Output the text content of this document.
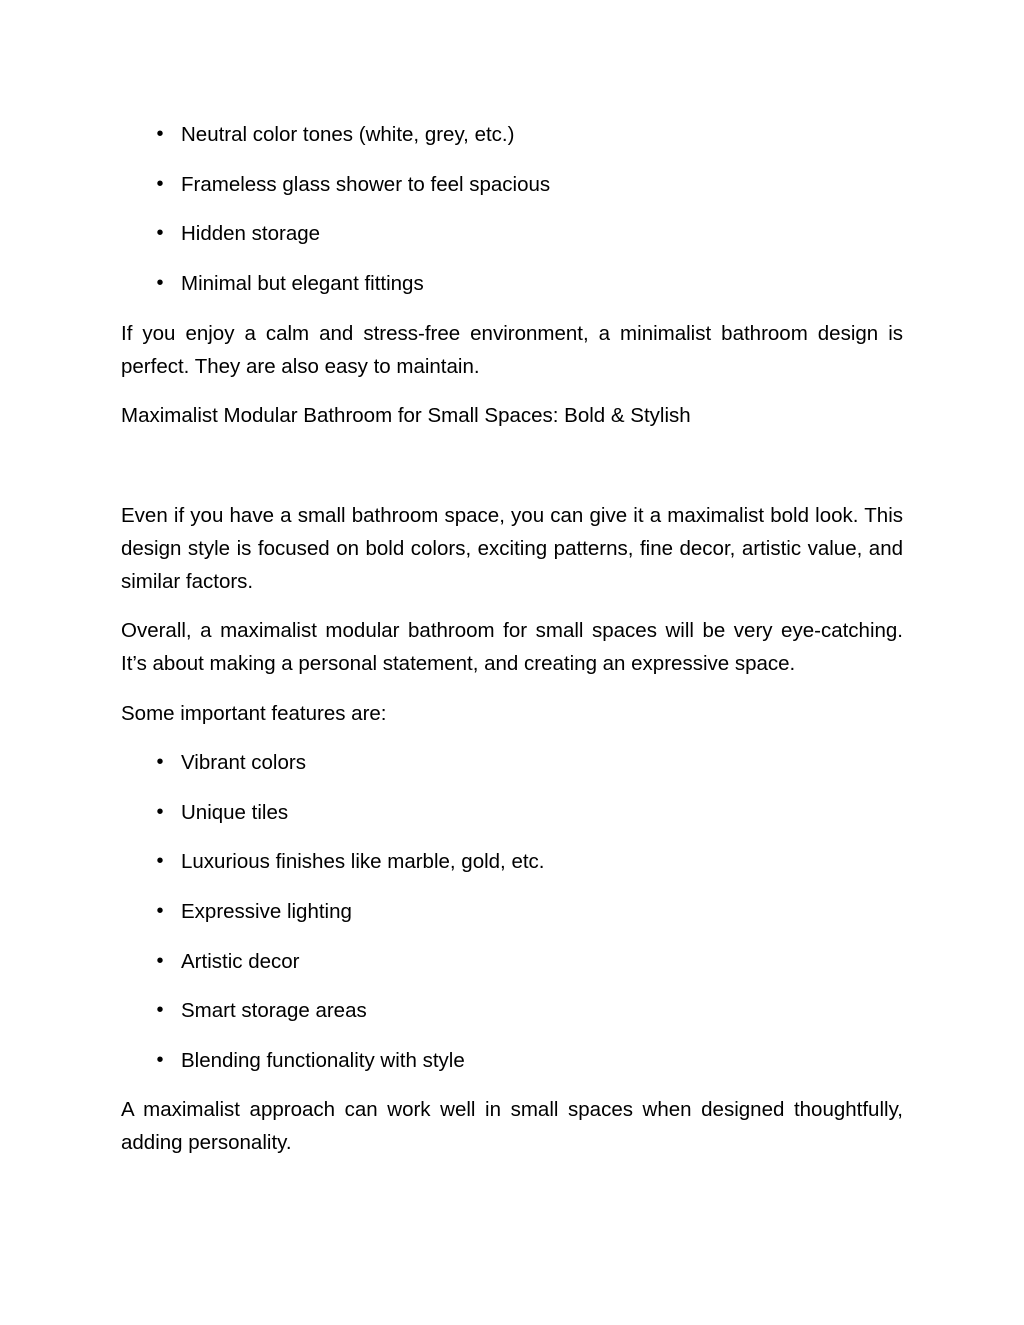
• Neutral color tones (white, grey, etc.)
• Frameless glass shower to feel spacious
• Hidden storage
• Minimal but elegant fittings

If you enjoy a calm and stress-free environment, a minimalist bathroom design is perfect. They are also easy to maintain.

Maximalist Modular Bathroom for Small Spaces: Bold & Stylish

Even if you have a small bathroom space, you can give it a maximalist bold look. This design style is focused on bold colors, exciting patterns, fine decor, artistic value, and similar factors.

Overall, a maximalist modular bathroom for small spaces will be very eye-catching. It’s about making a personal statement, and creating an expressive space.

Some important features are:

• Vibrant colors
• Unique tiles
• Luxurious finishes like marble, gold, etc.
• Expressive lighting
• Artistic decor
• Smart storage areas
• Blending functionality with style

A maximalist approach can work well in small spaces when designed thoughtfully, adding personality.
